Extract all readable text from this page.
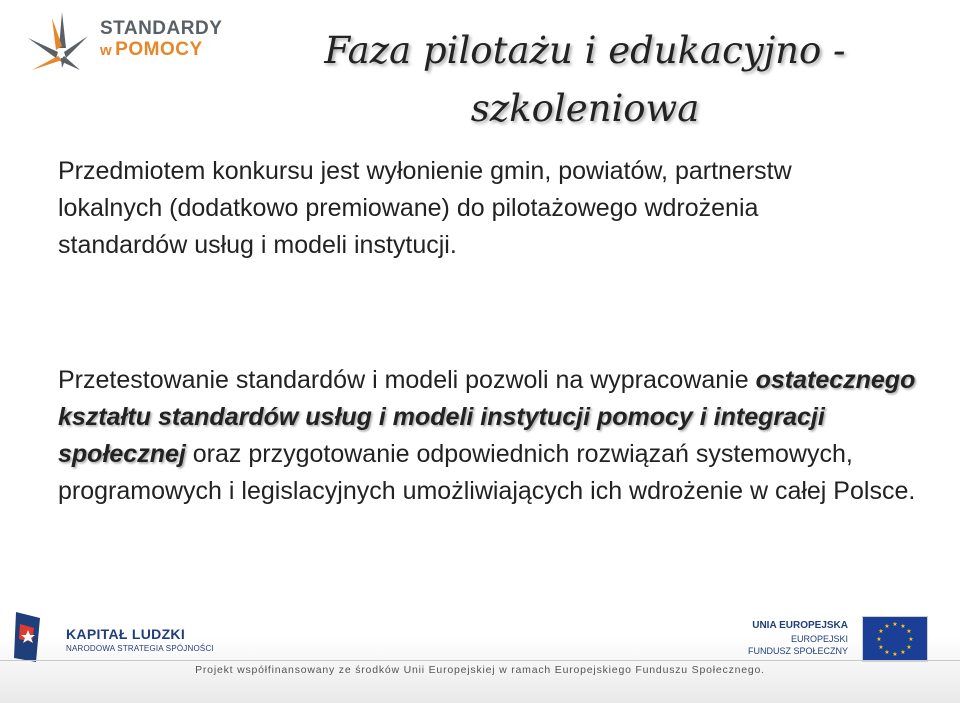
STANDARDY
w POMOCY	Faza pilotażu i edukacyjno -
szkoleniowa
Przedmiotem konkursu jest wyłonienie gmin, powiatów, partnerstw lokalnych (dodatkowo premiowane) do pilotażowego wdrożenia standardów usług i modeli instytucji.
Przetestowanie standardów i modeli pozwoli na wypracowanie ostatecznego kształtu standardów usług i modeli instytucji pomocy i integracji społecznej oraz przygotowanie odpowiednich rozwiązań systemowych, programowych i legislacyjnych umożliwiających ich wdrożenie w całej Polsce.
KAPITAŁ LUDZKI
NARODOWA STRATEGIA SPÓJNOŚCI
UNIA EUROPEJSKA
EUROPEJSKI
FUNDUSZ SPOŁECZNY
★ ★
★
★
★
★
★
★
★
★
★
★
Projekt współfinansowany ze środków Unii Europejskiej w ramach Europejskiego Funduszu Społecznego.
